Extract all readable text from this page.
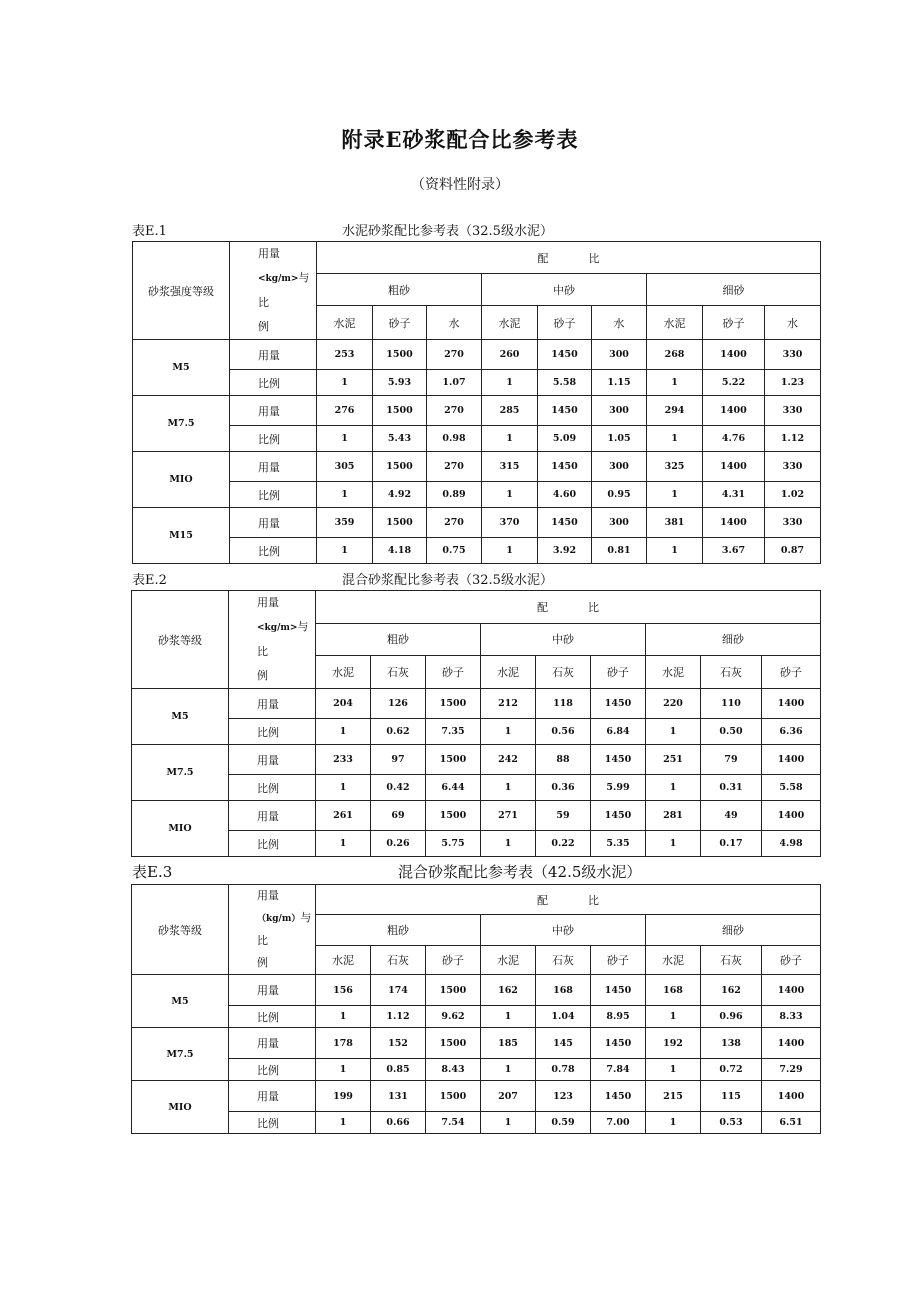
附录E砂浆配合比参考表
（资料性附录）
表E.1	水泥砂浆配比参考表（32.5级水泥）
砂浆强度等级	用量
<kg/m>与比
例	配 比								
		粗砂			中砂			细砂		
		水泥	砂子	水	水泥	砂子	水	水泥	砂子	水
M5	用量	253	1500	270	260	1450	300	268	1400	330
	比例	1	5.93	1.07	1	5.58	1.15	1	5.22	1.23
M7.5	用量	276	1500	270	285	1450	300	294	1400	330
	比例	1	5.43	0.98	1	5.09	1.05	1	4.76	1.12
MIO	用量	305	1500	270	315	1450	300	325	1400	330
	比例	1	4.92	0.89	1	4.60	0.95	1	4.31	1.02
M15	用量	359	1500	270	370	1450	300	381	1400	330
	比例	1	4.18	0.75	1	3.92	0.81	1	3.67	0.87
表E.2	混合砂浆配比参考表（32.5级水泥）
砂浆等级	用量
<kg/m>与比
例	配 比								
		粗砂			中砂			细砂		
		水泥	石灰	砂子	水泥	石灰	砂子	水泥	石灰	砂子
M5	用量	204	126	1500	212	118	1450	220	110	1400
	比例	1	0.62	7.35	1	0.56	6.84	1	0.50	6.36
M7.5	用量	233	97	1500	242	88	1450	251	79	1400
	比例	1	0.42	6.44	1	0.36	5.99	1	0.31	5.58
MIO	用量	261	69	1500	271	59	1450	281	49	1400
	比例	1	0.26	5.75	1	0.22	5.35	1	0.17	4.98
表E.3	混合砂浆配比参考表（42.5级水泥）
砂浆等级	用量
（kg/m）与比
例	配 比								
		粗砂			中砂			细砂		
		水泥	石灰	砂子	水泥	石灰	砂子	水泥	石灰	砂子
M5	用量	156	174	1500	162	168	1450	168	162	1400
	比例	1	1.12	9.62	1	1.04	8.95	1	0.96	8.33
M7.5	用量	178	152	1500	185	145	1450	192	138	1400
	比例	1	0.85	8.43	1	0.78	7.84	1	0.72	7.29
MIO	用量	199	131	1500	207	123	1450	215	115	1400
	比例	1	0.66	7.54	1	0.59	7.00	1	0.53	6.51
